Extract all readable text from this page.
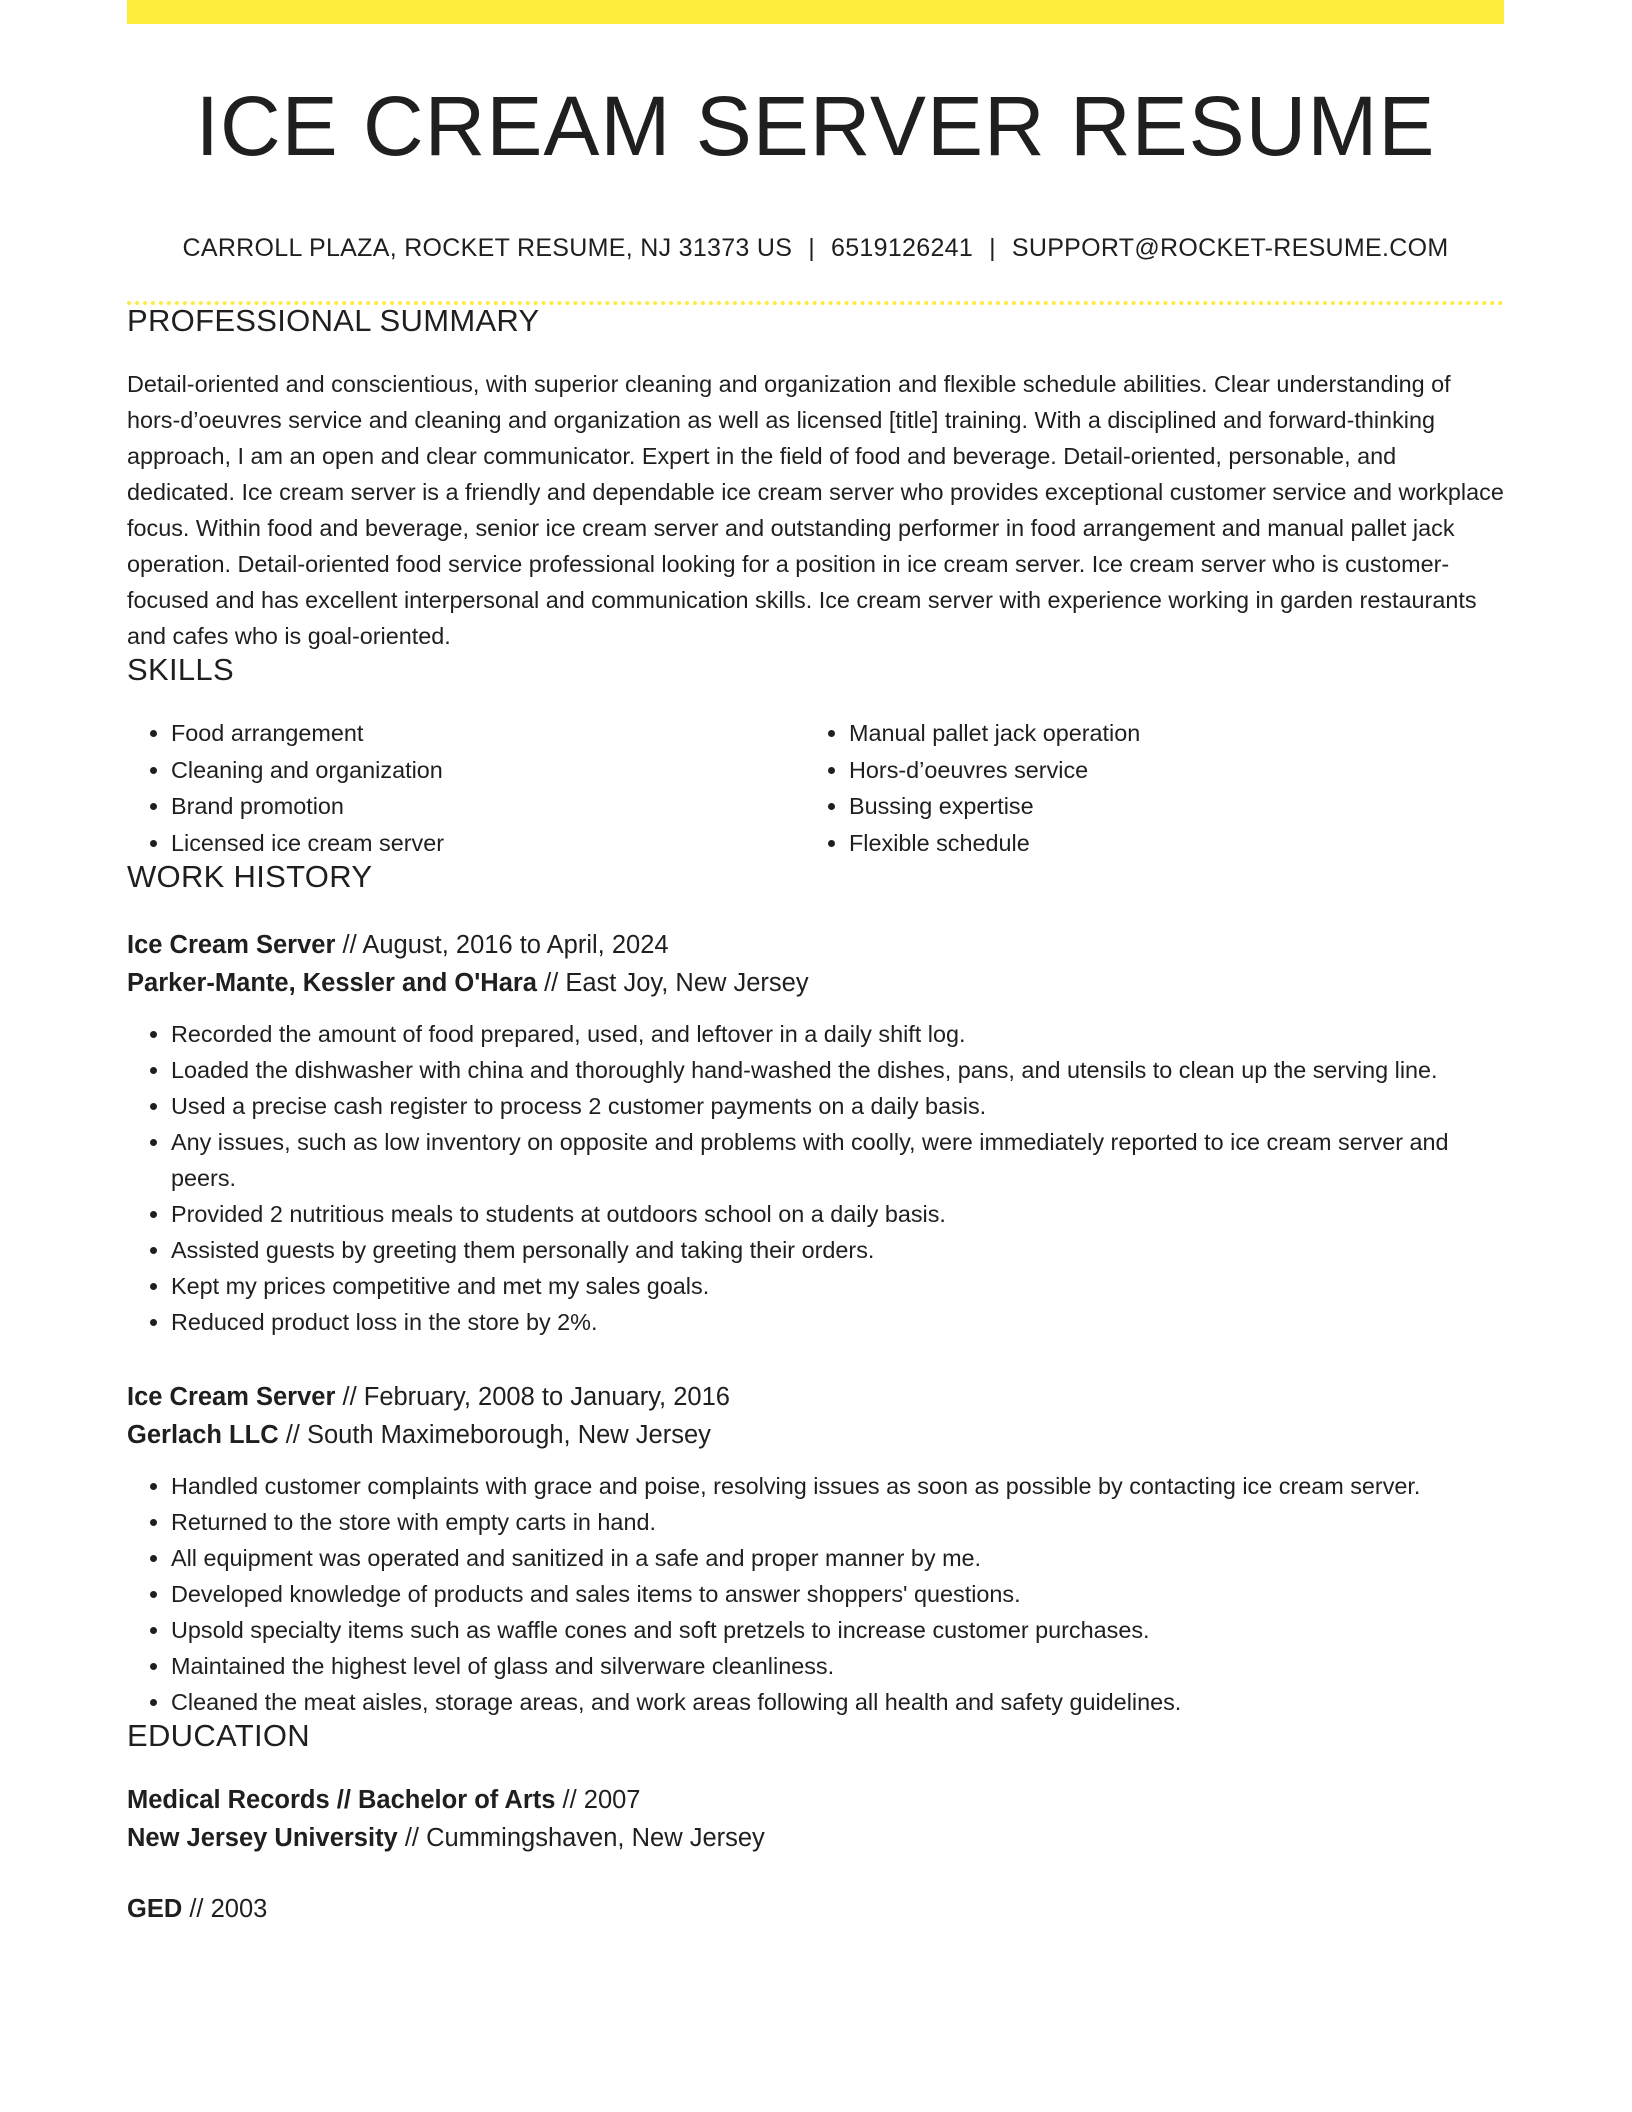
ICE CREAM SERVER RESUME
CARROLL PLAZA, ROCKET RESUME, NJ 31373 US | 6519126241 | SUPPORT@ROCKET-RESUME.COM
PROFESSIONAL SUMMARY
Detail-oriented and conscientious, with superior cleaning and organization and flexible schedule abilities. Clear understanding of hors-d’oeuvres service and cleaning and organization as well as licensed [title] training. With a disciplined and forward-thinking approach, I am an open and clear communicator. Expert in the field of food and beverage. Detail-oriented, personable, and dedicated. Ice cream server is a friendly and dependable ice cream server who provides exceptional customer service and workplace focus. Within food and beverage, senior ice cream server and outstanding performer in food arrangement and manual pallet jack operation. Detail-oriented food service professional looking for a position in ice cream server. Ice cream server who is customer-focused and has excellent interpersonal and communication skills. Ice cream server with experience working in garden restaurants and cafes who is goal-oriented.
SKILLS
• Food arrangement
• Cleaning and organization
• Brand promotion
• Licensed ice cream server
• Manual pallet jack operation
• Hors-d’oeuvres service
• Bussing expertise
• Flexible schedule
WORK HISTORY
Ice Cream Server // August, 2016 to April, 2024
Parker-Mante, Kessler and O'Hara // East Joy, New Jersey
• Recorded the amount of food prepared, used, and leftover in a daily shift log.
• Loaded the dishwasher with china and thoroughly hand-washed the dishes, pans, and utensils to clean up the serving line.
• Used a precise cash register to process 2 customer payments on a daily basis.
• Any issues, such as low inventory on opposite and problems with coolly, were immediately reported to ice cream server and peers.
• Provided 2 nutritious meals to students at outdoors school on a daily basis.
• Assisted guests by greeting them personally and taking their orders.
• Kept my prices competitive and met my sales goals.
• Reduced product loss in the store by 2%.
Ice Cream Server // February, 2008 to January, 2016
Gerlach LLC // South Maximeborough, New Jersey
• Handled customer complaints with grace and poise, resolving issues as soon as possible by contacting ice cream server.
• Returned to the store with empty carts in hand.
• All equipment was operated and sanitized in a safe and proper manner by me.
• Developed knowledge of products and sales items to answer shoppers' questions.
• Upsold specialty items such as waffle cones and soft pretzels to increase customer purchases.
• Maintained the highest level of glass and silverware cleanliness.
• Cleaned the meat aisles, storage areas, and work areas following all health and safety guidelines.
EDUCATION
Medical Records // Bachelor of Arts // 2007
New Jersey University // Cummingshaven, New Jersey
GED // 2003
